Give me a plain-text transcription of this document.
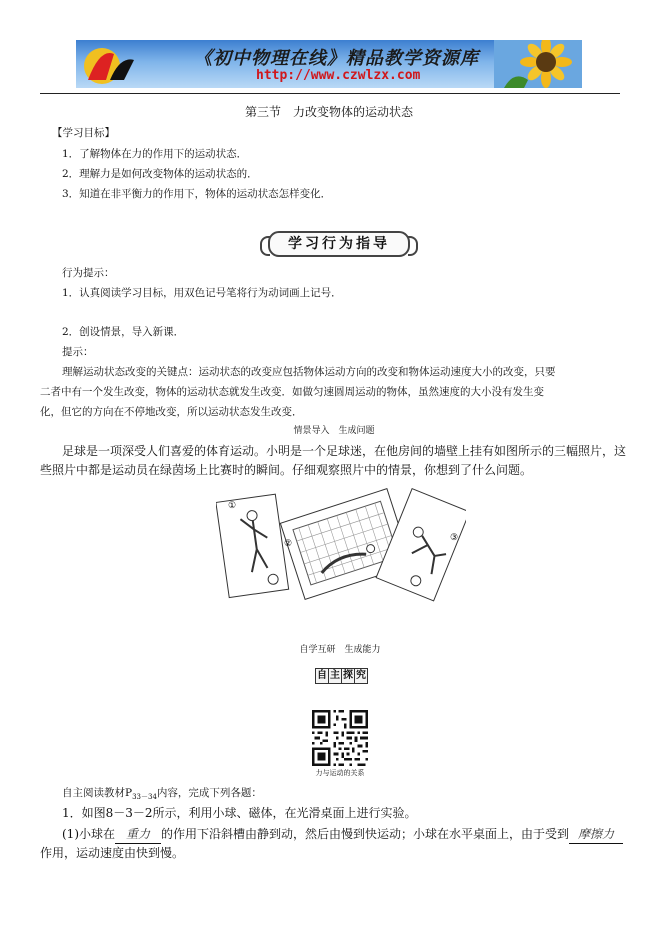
《初中物理在线》精品教学资源库
http://www.czwlzx.com
第三节　力改变物体的运动状态
【学习目标】
1．了解物体在力的作用下的运动状态．
2．理解力是如何改变物体的运动状态的．
3．知道在非平衡力的作用下，物体的运动状态怎样变化．
学习行为指导
行为提示：
1．认真阅读学习目标，用双色记号笔将行为动词画上记号．
2．创设情景，导入新课．
提示：
理解运动状态改变的关键点：运动状态的改变应包括物体运动方向的改变和物体运动速度大小的改变，只要
二者中有一个发生改变，物体的运动状态就发生改变．如做匀速圆周运动的物体，虽然速度的大小没有发生变
化，但它的方向在不停地改变，所以运动状态发生改变．
情景导入　生成问题
足球是一项深受人们喜爱的体育运动。小明是一个足球迷，在他房间的墙壁上挂有如图所示的三幅照片，这
些照片中都是运动员在绿茵场上比赛时的瞬间。仔细观察照片中的情景，你想到了什么问题。
①
②
③
自学互研　生成能力
自 主 探 究
力与运动的关系
自主阅读教材$P_{33-34}$内容，完成下列各题：
1．如图8－3－2所示，利用小球、磁体，在光滑桌面上进行实验。
(1)小球在 重力 的作用下沿斜槽由静到动，然后由慢到快运动；小球在水平桌面上，由于受到 摩擦力
作用，运动速度由快到慢。
